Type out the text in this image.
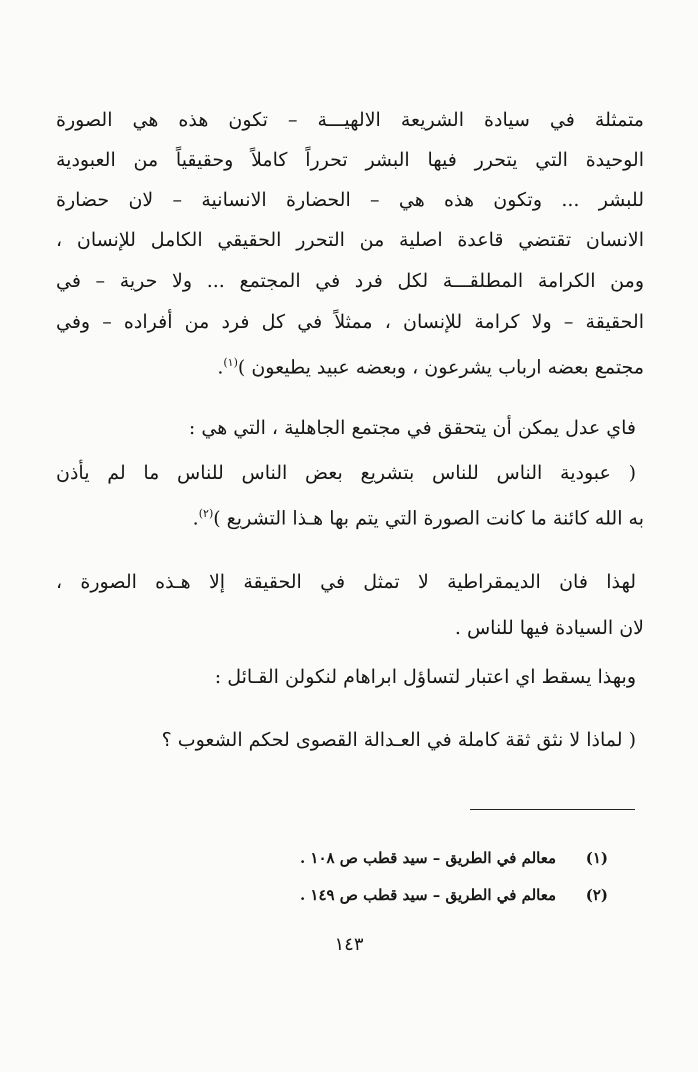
متمثلة في سيادة الشريعة الالهيـــة – تكون هذه هي الصورة
الوحيدة التي يتحرر فيها البشر تحرراً كاملاً وحقيقياً من العبودية
للبشر ... وتكون هذه هي – الحضارة الانسانية – لان حضارة
الانسان تقتضي قاعدة اصلية من التحرر الحقيقي الكامل للإنسان ،
ومن الكرامة المطلقـــة لكل فرد في المجتمع ... ولا حرية – في
الحقيقة – ولا كرامة للإنسان ، ممثلاً في كل فرد من أفراده – وفي
مجتمع بعضه ارباب يشرعون ، وبعضه عبيد يطيعون )$^{(١)}$.
فاي عدل يمكن أن يتحقق في مجتمع الجاهلية ، التي هي :
( عبودية الناس للناس بتشريع بعض الناس للناس ما لم يأذن
به الله كائنة ما كانت الصورة التي يتم بها هـذا التشريع )$^{(٢)}$.
لهذا فان الديمقراطية لا تمثل في الحقيقة إلا هـذه الصورة ،
لان السيادة فيها للناس .
وبهذا يسقط اي اعتبار لتساؤل ابراهام لنكولن القـائل :
( لماذا لا نثق ثقة كاملة في العـدالة القصوى لحكم الشعوب ؟
(١)معالم في الطريق – سيد قطب ص ١٠٨ .
(٢)معالم في الطريق – سيد قطب ص ١٤٩ .
١٤٣
